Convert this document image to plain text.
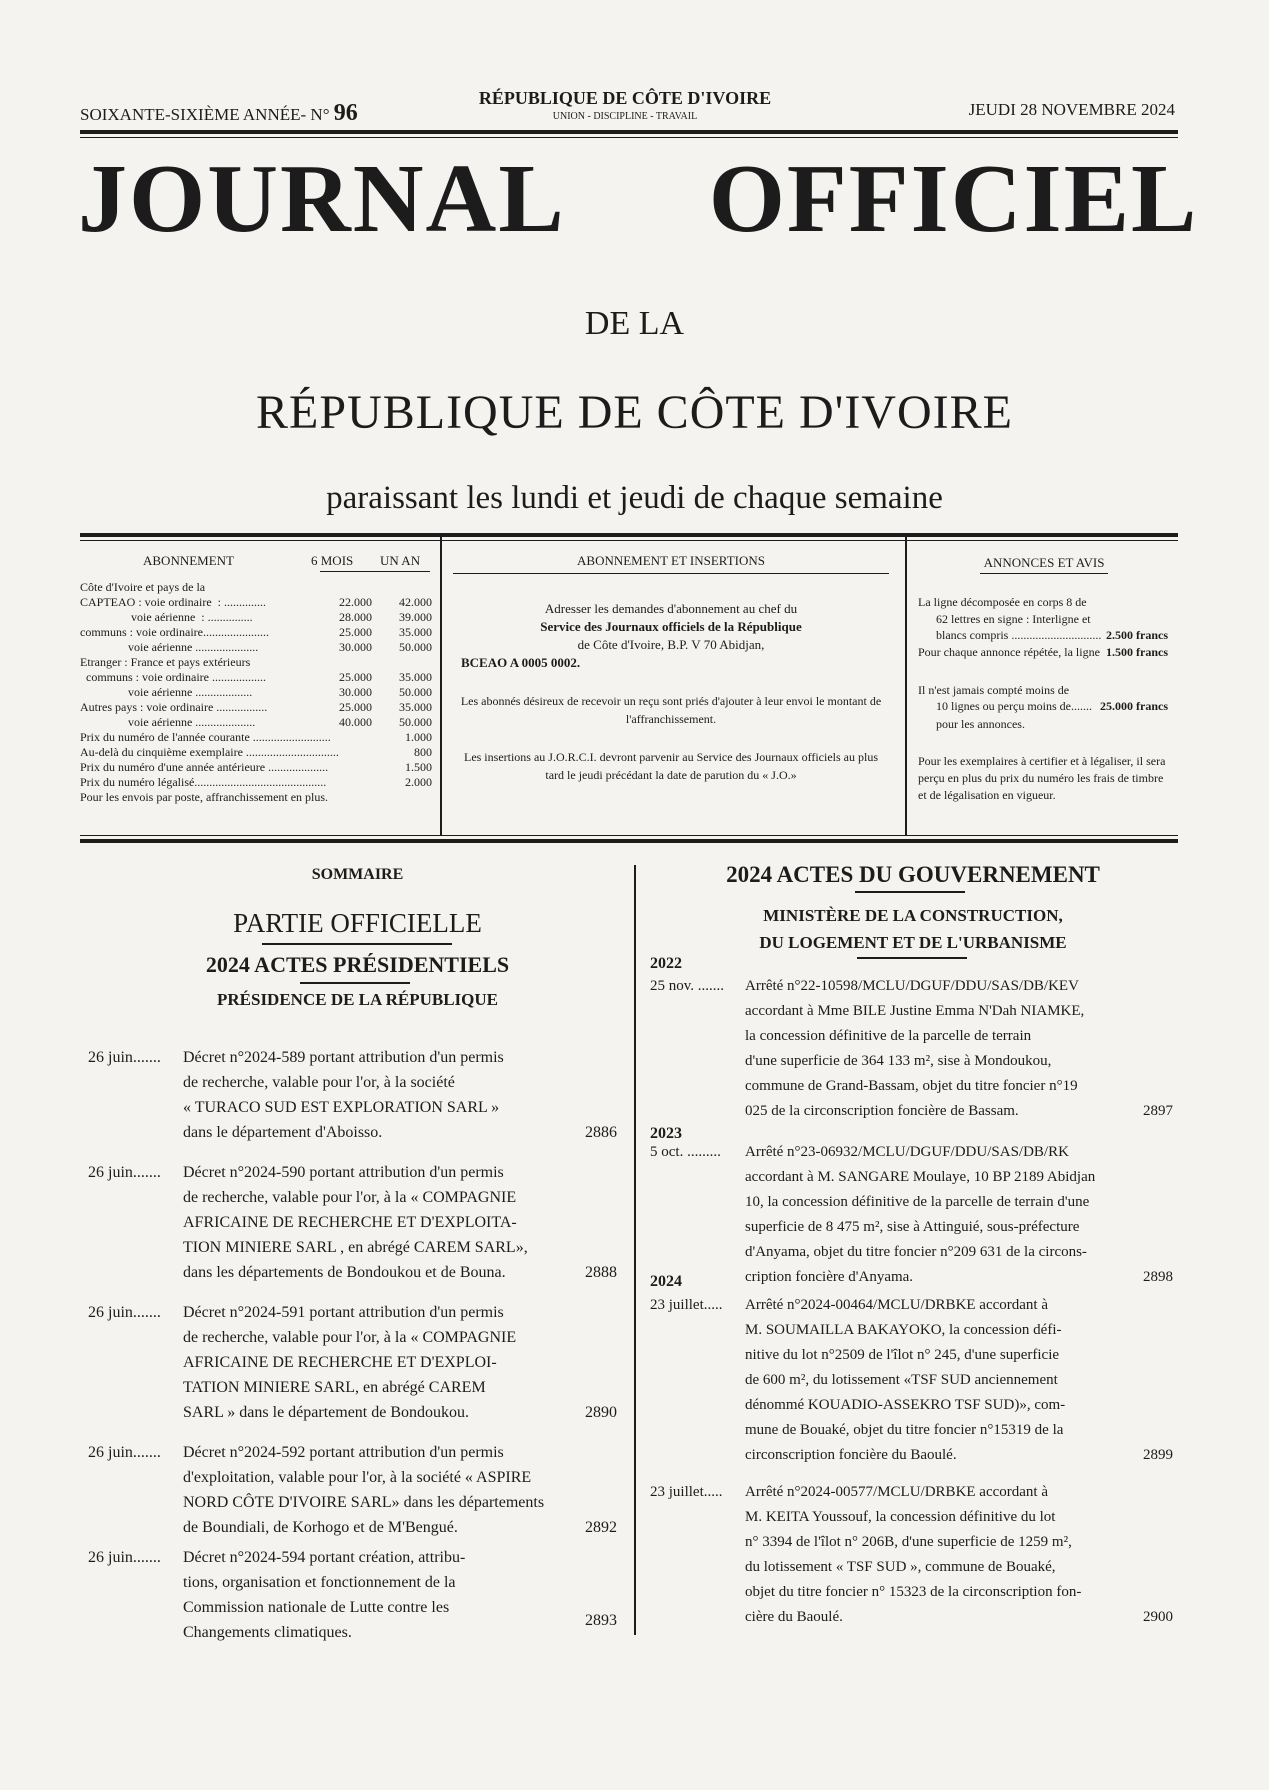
SOIXANTE-SIXIÈME ANNÉE- N° 96
RÉPUBLIQUE DE CÔTE D'IVOIRE
UNION - DISCIPLINE - TRAVAIL	JEUDI 28 NOVEMBRE 2024
JOURNAL OFFICIEL
DE LA
RÉPUBLIQUE DE CÔTE D'IVOIRE
paraissant les lundi et jeudi de chaque semaine
ABONNEMENT	6 MOIS UN AN
Côte d'Ivoire et pays de la
CAPTEAO : voie ordinaire  : ..............	22.000	42.000
voie aérienne  : ...............	28.000	39.000
communs : voie ordinaire......................	25.000	35.000
voie aérienne .....................	30.000	50.000
Etranger : France et pays extérieurs
communs : voie ordinaire ..................	25.000	35.000
voie aérienne ...................	30.000	50.000
Autres pays : voie ordinaire .................	25.000	35.000
voie aérienne ....................	40.000	50.000
Prix du numéro de l'année courante ..........................	1.000
Au-delà du cinquième exemplaire ...............................	800
Prix du numéro d'une année antérieure ....................	1.500
Prix du numéro légalisé............................................	2.000
Pour les envois par poste, affranchissement en plus.
ABONNEMENT ET INSERTIONS
Adresser les demandes d'abonnement au chef du
Service des Journaux officiels de la République
de Côte d'Ivoire, B.P. V 70 Abidjan,
BCEAO A 0005 0002.
Les abonnés désireux de recevoir un reçu sont priés d'ajouter à leur envoi le montant de l'affranchissement.
Les insertions au J.O.R.C.I. devront parvenir au Service des Journaux officiels au plus tard le jeudi précédant la date de parution du « J.O.»
ANNONCES ET AVIS

La ligne décomposée en corps 8 de

62 lettres en signe : Interligne et

blancs compris .............................. 2.500 francs
Pour chaque annonce répétée, la ligne 1.500 francs

Il n'est jamais compté moins de

10 lignes ou perçu moins de....... 25.000 francs

pour les annonces.

Pour les exemplaires à certifier et à légaliser, il sera perçu en plus du prix du numéro les frais de timbre et de légalisation en vigueur.

SOMMAIRE
PARTIE OFFICIELLE
2024 ACTES PRÉSIDENTIELS
PRÉSIDENCE DE LA RÉPUBLIQUE
26 juin....... Décret n°2024-589 portant attribution d'un permis
de recherche, valable pour l'or, à la société
« TURACO SUD EST EXPLORATION SARL »
dans le département d'Aboisso.	2886
26 juin....... Décret n°2024-590 portant attribution d'un permis
de recherche, valable pour l'or, à la « COMPAGNIE
AFRICAINE DE RECHERCHE ET D'EXPLOITA-
TION MINIERE SARL , en abrégé CAREM SARL»,
dans les départements de Bondoukou et de Bouna.	2888
26 juin....... Décret n°2024-591 portant attribution d'un permis
de recherche, valable pour l'or, à la « COMPAGNIE
AFRICAINE DE RECHERCHE ET D'EXPLOI-
TATION MINIERE SARL, en abrégé CAREM
SARL » dans le département de Bondoukou.	2890
26 juin....... Décret n°2024-592 portant attribution d'un permis
d'exploitation, valable pour l'or, à la société « ASPIRE
NORD CÔTE D'IVOIRE SARL» dans les départements
de Boundiali, de Korhogo et de M'Bengué.	2892
26 juin....... Décret n°2024-594 portant création, attribu-
tions, organisation et fonctionnement de la
Commission nationale de Lutte contre les
Changements climatiques.
2893
2024 ACTES DU GOUVERNEMENT
MINISTÈRE DE LA CONSTRUCTION,
DU LOGEMENT ET DE L'URBANISME
2022
25 nov. ....... Arrêté n°22-10598/MCLU/DGUF/DDU/SAS/DB/KEV
accordant à Mme BILE Justine Emma N'Dah NIAMKE,
la concession définitive de la parcelle de terrain
d'une superficie de 364 133 m², sise à Mondoukou,
commune de Grand-Bassam, objet du titre foncier n°19
025 de la circonscription foncière de Bassam.	2897
2023
5 oct. ......... Arrêté n°23-06932/MCLU/DGUF/DDU/SAS/DB/RK
accordant à M. SANGARE Moulaye, 10 BP 2189 Abidjan
10, la concession définitive de la parcelle de terrain d'une
superficie de 8 475 m², sise à Attinguié, sous-préfecture
d'Anyama, objet du titre foncier n°209 631 de la circons-
cription foncière d'Anyama.	2898
2024
23 juillet..... Arrêté n°2024-00464/MCLU/DRBKE accordant à
M. SOUMAILLA BAKAYOKO, la concession défi-
nitive du lot n°2509 de l'îlot n° 245, d'une superficie
de 600 m², du lotissement «TSF SUD anciennement
dénommé KOUADIO-ASSEKRO TSF SUD)», com-
mune de Bouaké, objet du titre foncier n°15319 de la
circonscription foncière du Baoulé.	2899
23 juillet..... Arrêté n°2024-00577/MCLU/DRBKE accordant à
M. KEITA Youssouf, la concession définitive du lot
n° 3394 de l'îlot n° 206B, d'une superficie de 1259 m²,
du lotissement « TSF SUD », commune de Bouaké,
objet du titre foncier n° 15323 de la circonscription fon-
cière du Baoulé.	2900
